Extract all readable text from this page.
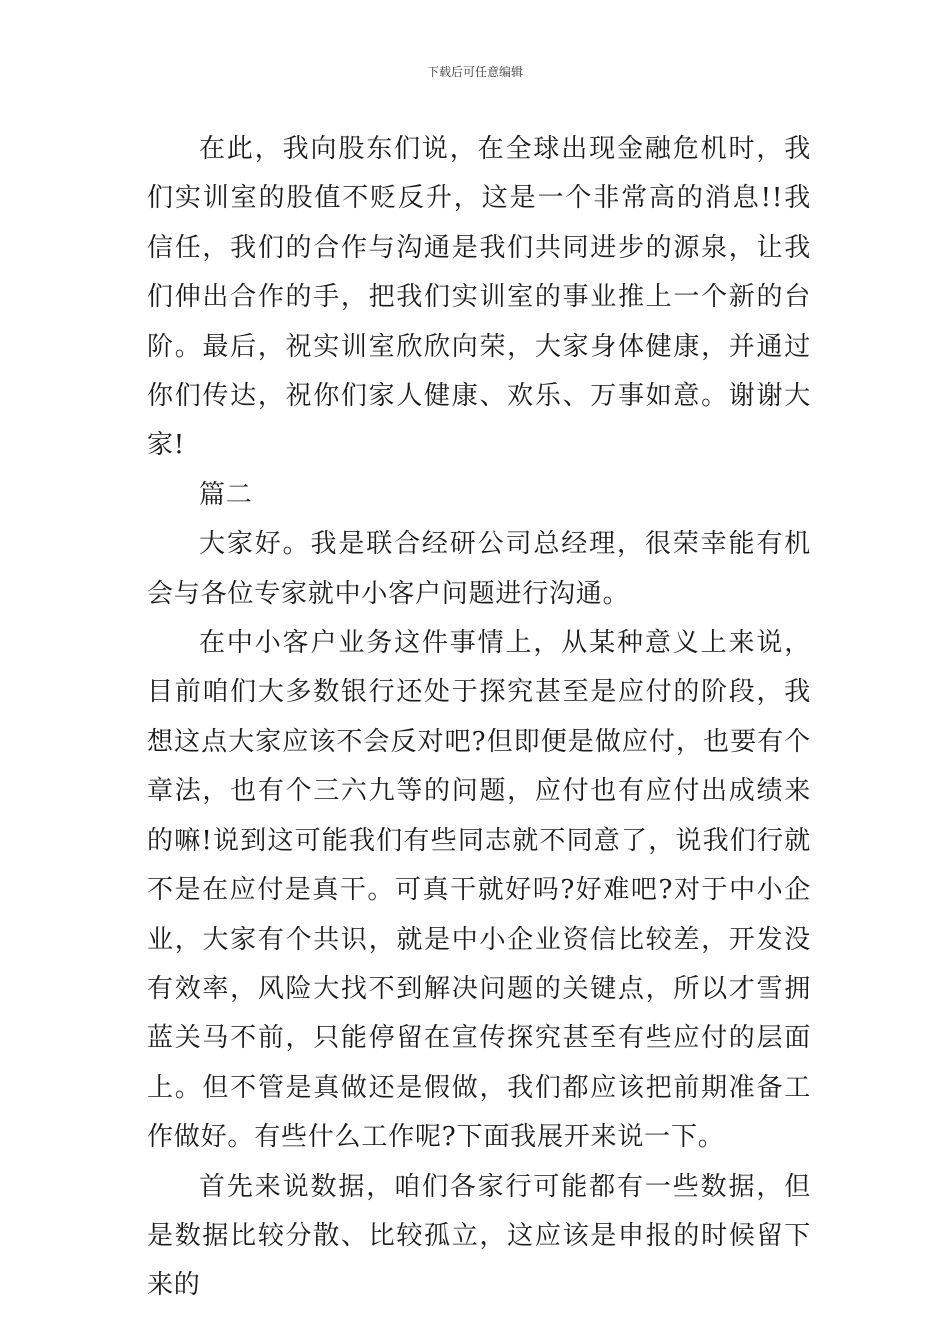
下载后可任意编辑

在此，我向股东们说，在全球出现金融危机时，我们实训室的股值不贬反升，这是一个非常高的消息!!我信任，我们的合作与沟通是我们共同进步的源泉，让我们伸出合作的手，把我们实训室的事业推上一个新的台阶。最后，祝实训室欣欣向荣，大家身体健康，并通过你们传达，祝你们家人健康、欢乐、万事如意。谢谢大家!

篇二

大家好。我是联合经研公司总经理，很荣幸能有机会与各位专家就中小客户问题进行沟通。

在中小客户业务这件事情上，从某种意义上来说，目前咱们大多数银行还处于探究甚至是应付的阶段，我想这点大家应该不会反对吧?但即便是做应付，也要有个章法，也有个三六九等的问题，应付也有应付出成绩来的嘛!说到这可能我们有些同志就不同意了，说我们行就不是在应付是真干。可真干就好吗?好难吧?对于中小企业，大家有个共识，就是中小企业资信比较差，开发没有效率，风险大找不到解决问题的关键点，所以才雪拥蓝关马不前，只能停留在宣传探究甚至有些应付的层面上。但不管是真做还是假做，我们都应该把前期准备工作做好。有些什么工作呢?下面我展开来说一下。

首先来说数据，咱们各家行可能都有一些数据，但是数据比较分散、比较孤立，这应该是申报的时候留下来的
